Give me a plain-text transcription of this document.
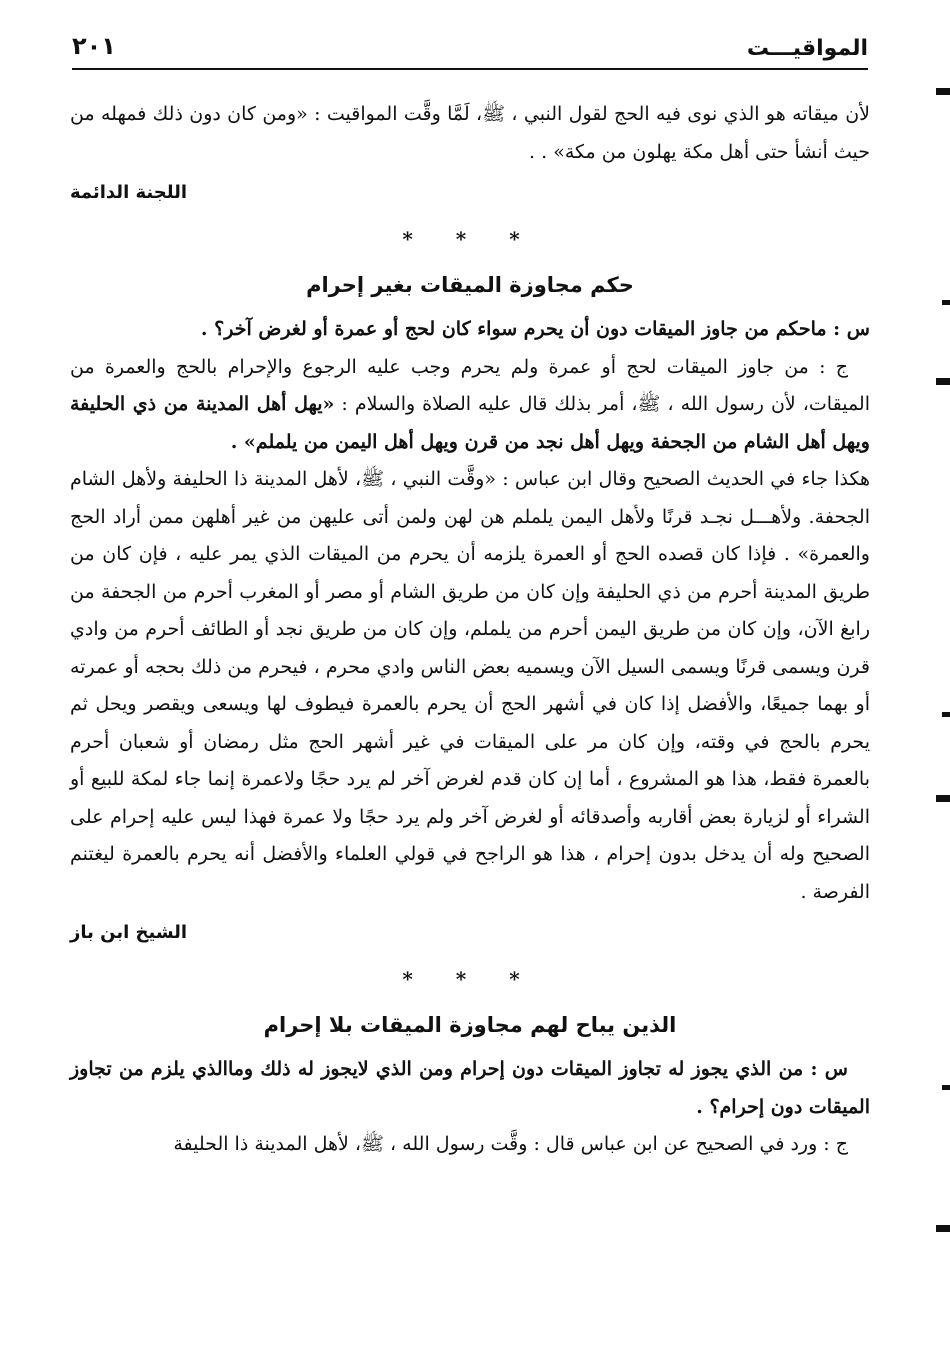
المواقيـــت
٢٠١

لأن ميقاته هو الذي نوى فيه الحج لقول النبي ، ﷺ، لَمَّا وقَّت المواقيت : «ومن كان دون ذلك فمهله من حيث أنشأ حتى أهل مكة يهلون من مكة» . .

اللجنة الدائمة

* * *
حكم مجاوزة الميقات بغير إحرام

س : ماحكم من جاوز الميقات دون أن يحرم سواء كان لحج أو عمرة أو لغرض آخر؟ .

ج : من جاوز الميقات لحج أو عمرة ولم يحرم وجب عليه الرجوع والإحرام بالحج والعمرة من الميقات، لأن رسول الله ، ﷺ، أمر بذلك قال عليه الصلاة والسلام : «يهل أهل المدينة من ذي الحليفة ويهل أهل الشام من الجحفة ويهل أهل نجد من قرن ويهل أهل اليمن من يلملم» .

هكذا جاء في الحديث الصحيح وقال ابن عباس : «وقَّت النبي ، ﷺ، لأهل المدينة ذا الحليفة ولأهل الشام الجحفة. ولأهـــل نجـد قرنًا ولأهل اليمن يلملم هن لهن ولمن أتى عليهن من غير أهلهن ممن أراد الحج والعمرة» . فإذا كان قصده الحج أو العمرة يلزمه أن يحرم من الميقات الذي يمر عليه ، فإن كان من طريق المدينة أحرم من ذي الحليفة وإن كان من طريق الشام أو مصر أو المغرب أحرم من الجحفة من رابغ الآن، وإن كان من طريق اليمن أحرم من يلملم، وإن كان من طريق نجد أو الطائف أحرم من وادي قرن ويسمى قرنًا ويسمى السيل الآن ويسميه بعض الناس وادي محرم ، فيحرم من ذلك بحجه أو عمرته أو بهما جميعًا، والأفضل إذا كان في أشهر الحج أن يحرم بالعمرة فيطوف لها ويسعى ويقصر ويحل ثم يحرم بالحج في وقته، وإن كان مر على الميقات في غير أشهر الحج مثل رمضان أو شعبان أحرم بالعمرة فقط، هذا هو المشروع ، أما إن كان قدم لغرض آخر لم يرد حجًا ولاعمرة إنما جاء لمكة للبيع أو الشراء أو لزيارة بعض أقاربه وأصدقائه أو لغرض آخر ولم يرد حجًا ولا عمرة فهذا ليس عليه إحرام على الصحيح وله أن يدخل بدون إحرام ، هذا هو الراجح في قولي العلماء والأفضل أنه يحرم بالعمرة ليغتنم الفرصة .

الشيخ ابن باز

* * *
الذين يباح لهم مجاوزة الميقات بلا إحرام

س : من الذي يجوز له تجاوز الميقات دون إحرام ومن الذي لايجوز له ذلك وماالذي يلزم من تجاوز الميقات دون إحرام؟ .

ج : ورد في الصحيح عن ابن عباس قال : وقَّت رسول الله ، ﷺ، لأهل المدينة ذا الحليفة
